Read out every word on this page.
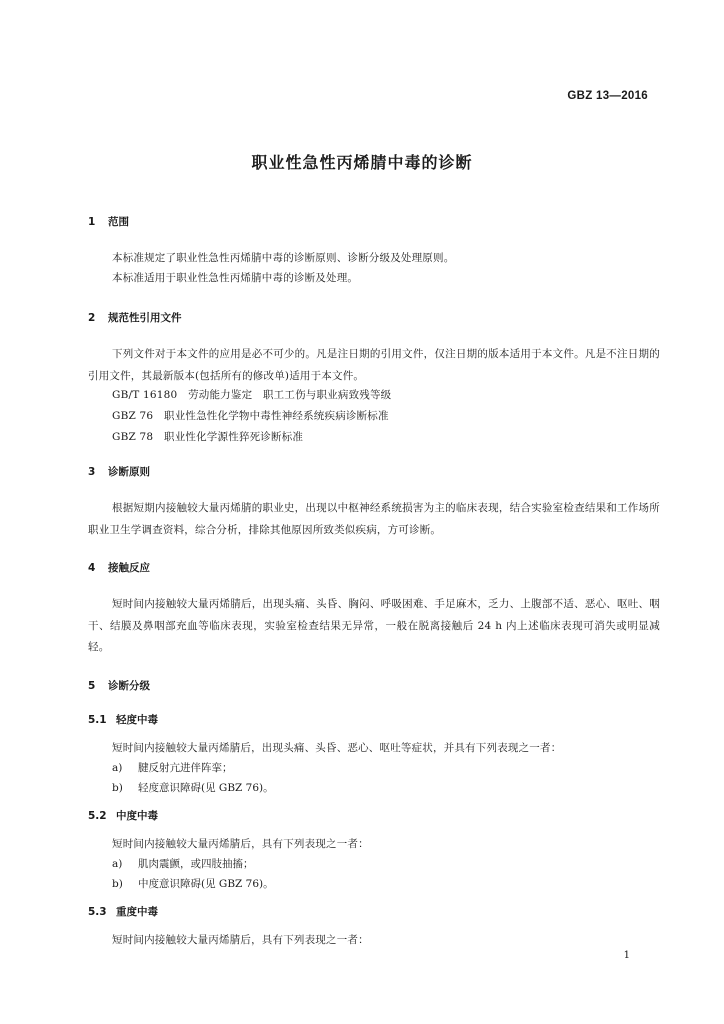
GBZ 13—2016
职业性急性丙烯腈中毒的诊断
1 范围
本标准规定了职业性急性丙烯腈中毒的诊断原则、诊断分级及处理原则。
本标准适用于职业性急性丙烯腈中毒的诊断及处理。
2 规范性引用文件
下列文件对于本文件的应用是必不可少的。凡是注日期的引用文件，仅注日期的版本适用于本文件。凡是不注日期的引用文件，其最新版本(包括所有的修改单)适用于本文件。
GB/T 16180　劳动能力鉴定　职工工伤与职业病致残等级
GBZ 76　职业性急性化学物中毒性神经系统疾病诊断标准
GBZ 78　职业性化学源性猝死诊断标准
3 诊断原则
根据短期内接触较大量丙烯腈的职业史，出现以中枢神经系统损害为主的临床表现，结合实验室检查结果和工作场所职业卫生学调查资料，综合分析，排除其他原因所致类似疾病，方可诊断。
4 接触反应
短时间内接触较大量丙烯腈后，出现头痛、头昏、胸闷、呼吸困难、手足麻木，乏力、上腹部不适、恶心、呕吐、咽干、结膜及鼻咽部充血等临床表现，实验室检查结果无异常，一般在脱离接触后 24 h 内上述临床表现可消失或明显减轻。
5 诊断分级
5.1 轻度中毒
短时间内接触较大量丙烯腈后，出现头痛、头昏、恶心、呕吐等症状，并具有下列表现之一者：
a) 腱反射亢进伴阵挛；
b) 轻度意识障碍(见 GBZ 76)。
5.2 中度中毒
短时间内接触较大量丙烯腈后，具有下列表现之一者：
a) 肌肉震颤，或四肢抽搐；
b) 中度意识障碍(见 GBZ 76)。
5.3 重度中毒
短时间内接触较大量丙烯腈后，具有下列表现之一者：
1
